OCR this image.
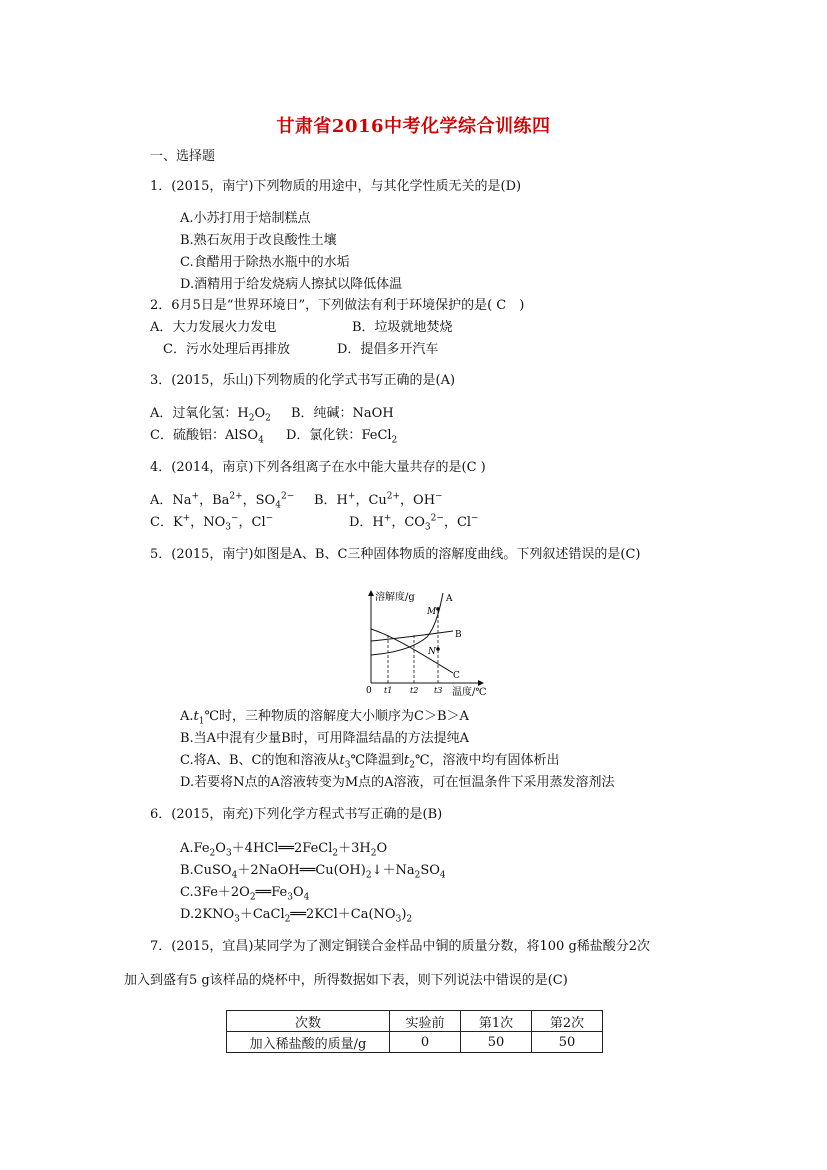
甘肃省2016中考化学综合训练四
一、选择题
1．(2015，南宁)下列物质的用途中，与其化学性质无关的是(D)
A.小苏打用于焙制糕点
B.熟石灰用于改良酸性土壤
C.食醋用于除热水瓶中的水垢
D.酒精用于给发烧病人擦拭以降低体温
2．6月5日是“世界环境日”，下列做法有利于环境保护的是( C　)
A．大力发展火力发电	B．垃圾就地焚烧
C．污水处理后再排放	D．提倡多开汽车
3．(2015，乐山)下列物质的化学式书写正确的是(A)
A．过氧化氢：$H_2O_2$ B．纯碱：NaOH
C．硫酸铝：AlSO$_4$ D．氯化铁：FeCl$_2$
4．(2014，南京)下列各组离子在水中能大量共存的是(C )
A．Na+，$Ba^{2+}$，$SO_4^{2-}$ B．H+，$Cu^{2+}$，OH−
C．K+，$NO_3^-$，Cl−	D．H+，$CO_3^{2-}$，Cl−
5．(2015，南宁)如图是A、B、C三种固体物质的溶解度曲线。下列叙述错误的是(C)
溶解度/g
温度/℃
0 t1 t2 t3
A
B
C
M
N
$A.t_1℃$时，三种物质的溶解度大小顺序为C＞B＞A
B.当A中混有少量B时，可用降温结晶的方法提纯A
C.将A、B、C的饱和溶液从$t_3℃$降温到$t_2℃$，溶液中均有固体析出
D.若要将N点的A溶液转变为M点的A溶液，可在恒温条件下采用蒸发溶剂法
6．(2015，南充)下列化学方程式书写正确的是(B)
$A.Fe_2O_3+4HCl══2FeCl_2+3H_2O$
$B.CuSO_4+2NaOH══Cu(OH)_2↓+Na_2SO_4$
$C.3Fe+2O_2══Fe_3O_4$
$D.2KNO_3+CaCl_2══2KCl+Ca(NO_3)_2$
7．(2015，宜昌)某同学为了测定铜镁合金样品中铜的质量分数，将100 g稀盐酸分2次
加入到盛有5 g该样品的烧杯中，所得数据如下表，则下列说法中错误的是(C)
次数	实验前	第1次	第2次
加入稀盐酸的质量/g	0	50	50
